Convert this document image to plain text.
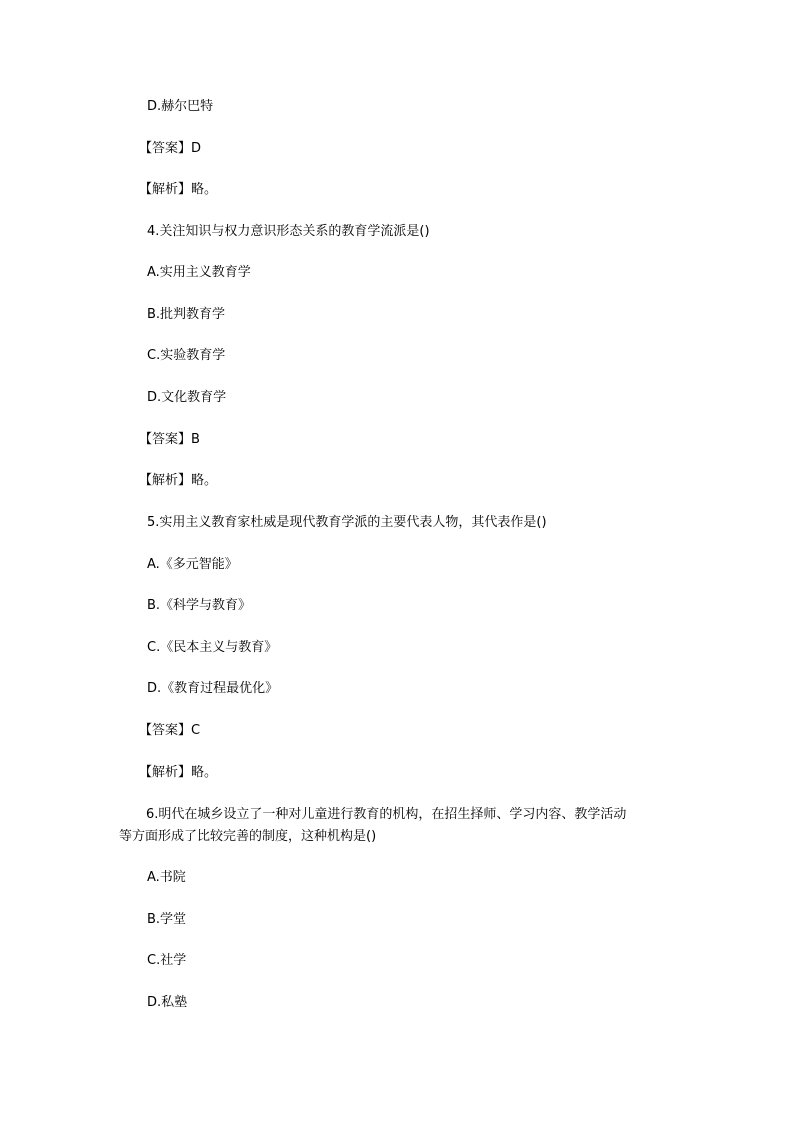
D.赫尔巴特
【答案】D
【解析】略。
4.关注知识与权力意识形态关系的教育学流派是()
A.实用主义教育学
B.批判教育学
C.实验教育学
D.文化教育学
【答案】B
【解析】略。
5.实用主义教育家杜威是现代教育学派的主要代表人物，其代表作是()
A.《多元智能》
B.《科学与教育》
C.《民本主义与教育》
D.《教育过程最优化》
【答案】C
【解析】略。
6.明代在城乡设立了一种对儿童进行教育的机构，在招生择师、学习内容、教学活动
等方面形成了比较完善的制度，这种机构是()
A.书院
B.学堂
C.社学
D.私塾
